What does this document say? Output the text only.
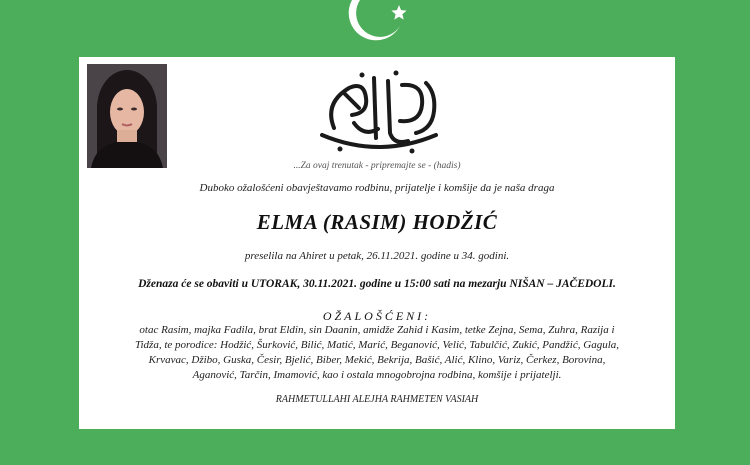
...Za ovaj trenutak - pripremajte se - (hadis)
Duboko ožalošćeni obavještavamo rodbinu, prijatelje i komšije da je naša draga
ELMA (RASIM) HODŽIĆ
preselila na Ahiret u petak, 26.11.2021. godine u 34. godini.
Dženaza će se obaviti u UTORAK, 30.11.2021. godine u 15:00 sati na mezarju NIŠAN – JAČEDOLI.
OŽALOŠĆENI:
otac Rasim, majka Fadila, brat Eldin, sin Daanin, amidže Zahid i Kasim, tetke Zejna, Sema, Zuhra, Razija i
Tidža, te porodice: Hodžić, Šurković, Bilić, Matić, Marić, Beganović, Velić, Tabulčić, Zukić, Pandžić, Gagula,
Krvavac, Džibo, Guska, Česir, Bjelić, Biber, Mekić, Bekrija, Bašić, Alić, Klino, Variz, Čerkez, Borovina,
Aganović, Tarčin, Imamović, kao i ostala mnogobrojna rodbina, komšije i prijatelji.
RAHMETULLAHI ALEJHA RAHMETEN VASIAH
